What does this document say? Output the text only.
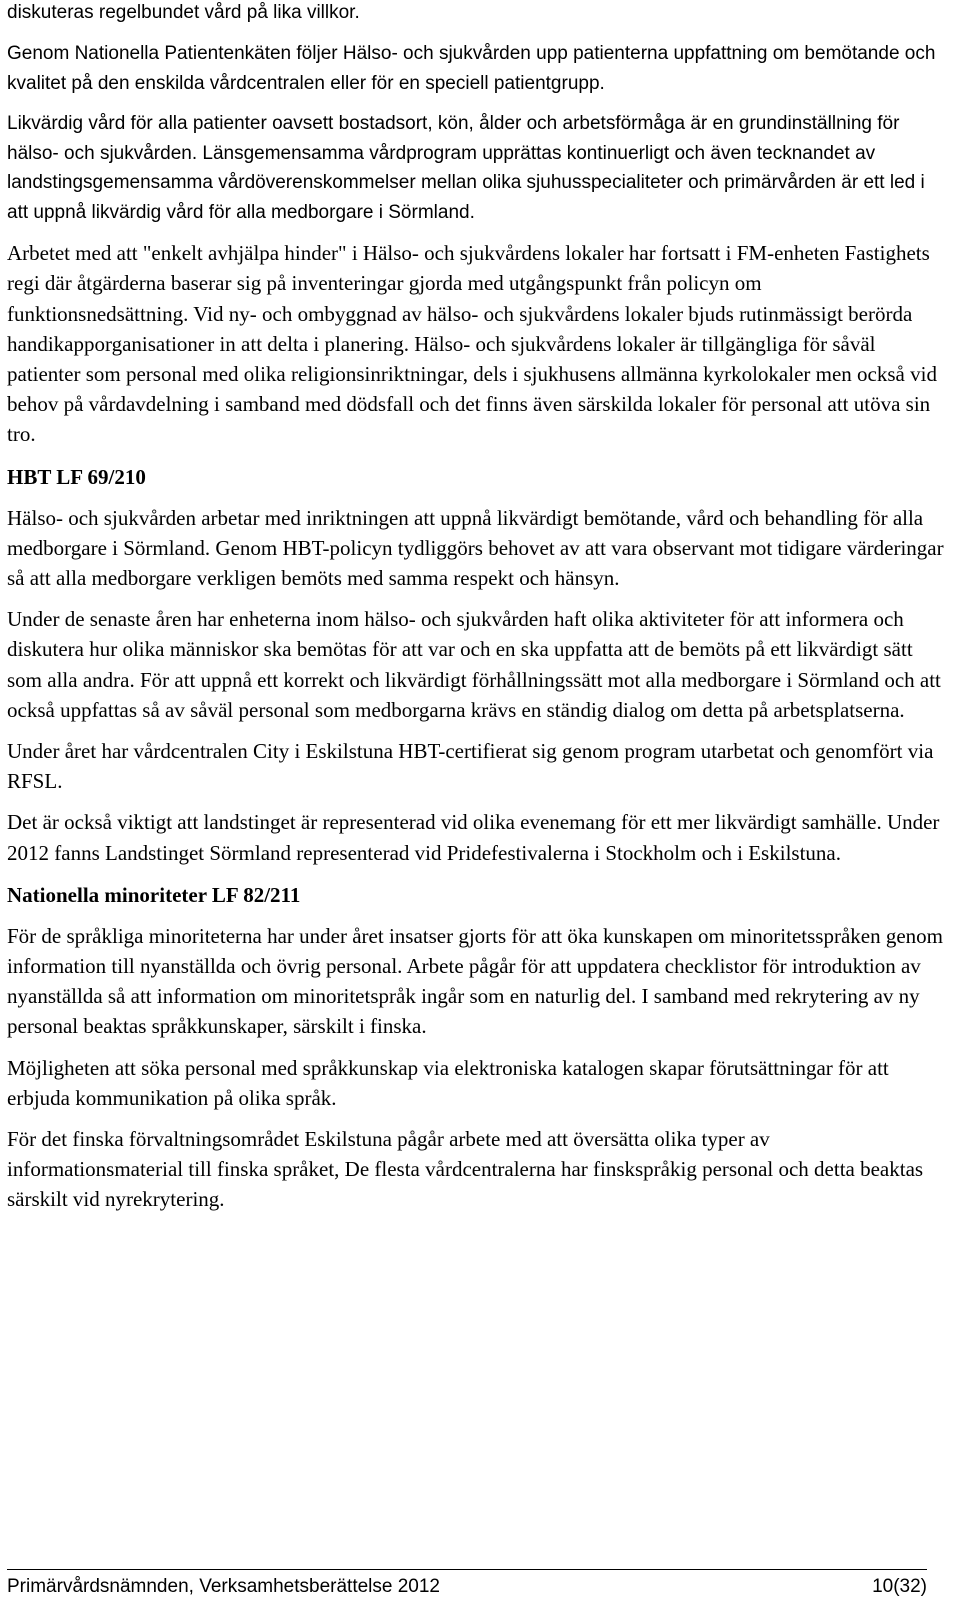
diskuteras regelbundet vård på lika villkor.

Genom Nationella Patientenkäten följer Hälso- och sjukvården upp patienterna uppfattning om bemötande och kvalitet på den enskilda vårdcentralen eller för en speciell patientgrupp.

Likvärdig vård för alla patienter oavsett bostadsort, kön, ålder och arbetsförmåga är en grundinställning för hälso- och sjukvården. Länsgemensamma vårdprogram upprättas kontinuerligt och även tecknandet av landstingsgemensamma vårdöverenskommelser mellan olika sjuhusspecialiteter och primärvården är ett led i att uppnå likvärdig vård för alla medborgare i Sörmland.

Arbetet med att "enkelt avhjälpa hinder" i Hälso- och sjukvårdens lokaler har fortsatt i FM-enheten Fastighets regi där åtgärderna baserar sig på inventeringar gjorda med utgångspunkt från policyn om funktionsnedsättning. Vid ny- och ombyggnad av hälso- och sjukvårdens lokaler bjuds rutinmässigt berörda handikapporganisationer in att delta i planering. Hälso- och sjukvårdens lokaler är tillgängliga för såväl patienter som personal med olika religionsinriktningar, dels i sjukhusens allmänna kyrkolokaler men också vid behov på vårdavdelning i samband med dödsfall och det finns även särskilda lokaler för personal att utöva sin tro.

HBT LF 69/210

Hälso- och sjukvården arbetar med inriktningen att uppnå likvärdigt bemötande, vård och behandling för alla medborgare i Sörmland. Genom HBT-policyn tydliggörs behovet av att vara observant mot tidigare värderingar så att alla medborgare verkligen bemöts med samma respekt och hänsyn.

Under de senaste åren har enheterna inom hälso- och sjukvården haft olika aktiviteter för att informera och diskutera hur olika människor ska bemötas för att var och en ska uppfatta att de bemöts på ett likvärdigt sätt som alla andra. För att uppnå ett korrekt och likvärdigt förhållningssätt mot alla medborgare i Sörmland och att också uppfattas så av såväl personal som medborgarna krävs en ständig dialog om detta på arbetsplatserna.

Under året har vårdcentralen City i Eskilstuna HBT-certifierat sig genom program utarbetat och genomfört via RFSL.

Det är också viktigt att landstinget är representerad vid olika evenemang för ett mer likvärdigt samhälle. Under 2012 fanns Landstinget Sörmland representerad vid Pridefestivalerna i Stockholm och i Eskilstuna.

Nationella minoriteter LF 82/211

För de språkliga minoriteterna har under året insatser gjorts för att öka kunskapen om minoritetsspråken genom information till nyanställda och övrig personal. Arbete pågår för att uppdatera checklistor för introduktion av nyanställda så att information om minoritetspråk ingår som en naturlig del. I samband med rekrytering av ny personal beaktas språkkunskaper, särskilt i finska.

Möjligheten att söka personal med språkkunskap via elektroniska katalogen skapar förutsättningar för att erbjuda kommunikation på olika språk.

För det finska förvaltningsområdet Eskilstuna pågår arbete med att översätta olika typer av informationsmaterial till finska språket, De flesta vårdcentralerna har finskspråkig personal och detta beaktas särskilt vid nyrekrytering.

Primärvårdsnämnden, Verksamhetsberättelse 2012	10(32)
